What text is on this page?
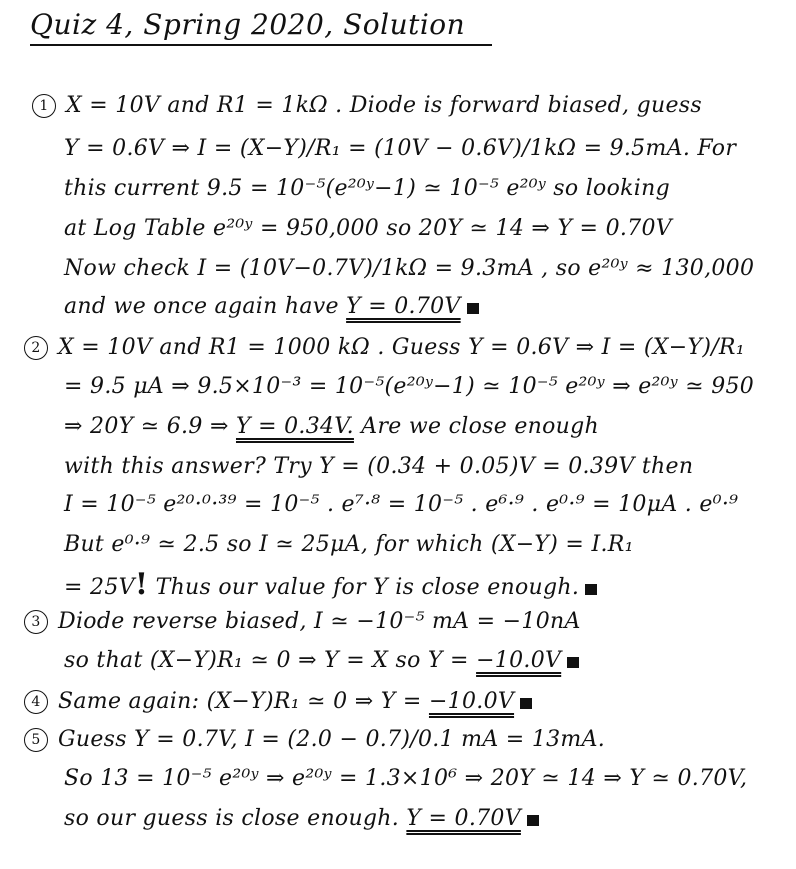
Quiz 4, Spring 2020, Solution
1 X = 10V and R1 = 1kΩ . Diode is forward biased, guess
Y = 0.6V ⇒ I = (X−Y)/R₁ = (10V − 0.6V)/1kΩ = 9.5mA. For
this current 9.5 = 10⁻⁵(e²⁰ʸ−1) ≃ 10⁻⁵ e²⁰ʸ so looking
at Log Table e²⁰ʸ = 950,000 so 20Y ≃ 14 ⇒ Y = 0.70V
Now check I = (10V−0.7V)/1kΩ = 9.3mA , so e²⁰ʸ ≈ 130,000
and we once again have Y = 0.70V
2 X = 10V and R1 = 1000 kΩ . Guess Y = 0.6V ⇒ I = (X−Y)/R₁
= 9.5 μA ⇒ 9.5×10⁻³ = 10⁻⁵(e²⁰ʸ−1) ≃ 10⁻⁵ e²⁰ʸ ⇒ e²⁰ʸ ≃ 950
⇒ 20Y ≃ 6.9 ⇒ Y = 0.34V. Are we close enough
with this answer? Try Y = (0.34 + 0.05)V = 0.39V then
I = 10⁻⁵ e²⁰·⁰·³⁹ = 10⁻⁵ . e⁷·⁸ = 10⁻⁵ . e⁶·⁹ . e⁰·⁹ = 10μA . e⁰·⁹
But e⁰·⁹ ≃ 2.5 so I ≃ 25μA, for which (X−Y) = I.R₁
= 25V! Thus our value for Y is close enough.
3 Diode reverse biased, I ≃ −10⁻⁵ mA = −10nA
so that (X−Y)R₁ ≃ 0 ⇒ Y = X so Y = −10.0V
4 Same again: (X−Y)R₁ ≃ 0 ⇒ Y = −10.0V
5 Guess Y = 0.7V, I = (2.0 − 0.7)/0.1 mA = 13mA.
So 13 = 10⁻⁵ e²⁰ʸ ⇒ e²⁰ʸ = 1.3×10⁶ ⇒ 20Y ≃ 14 ⇒ Y ≃ 0.70V,
so our guess is close enough. Y = 0.70V
